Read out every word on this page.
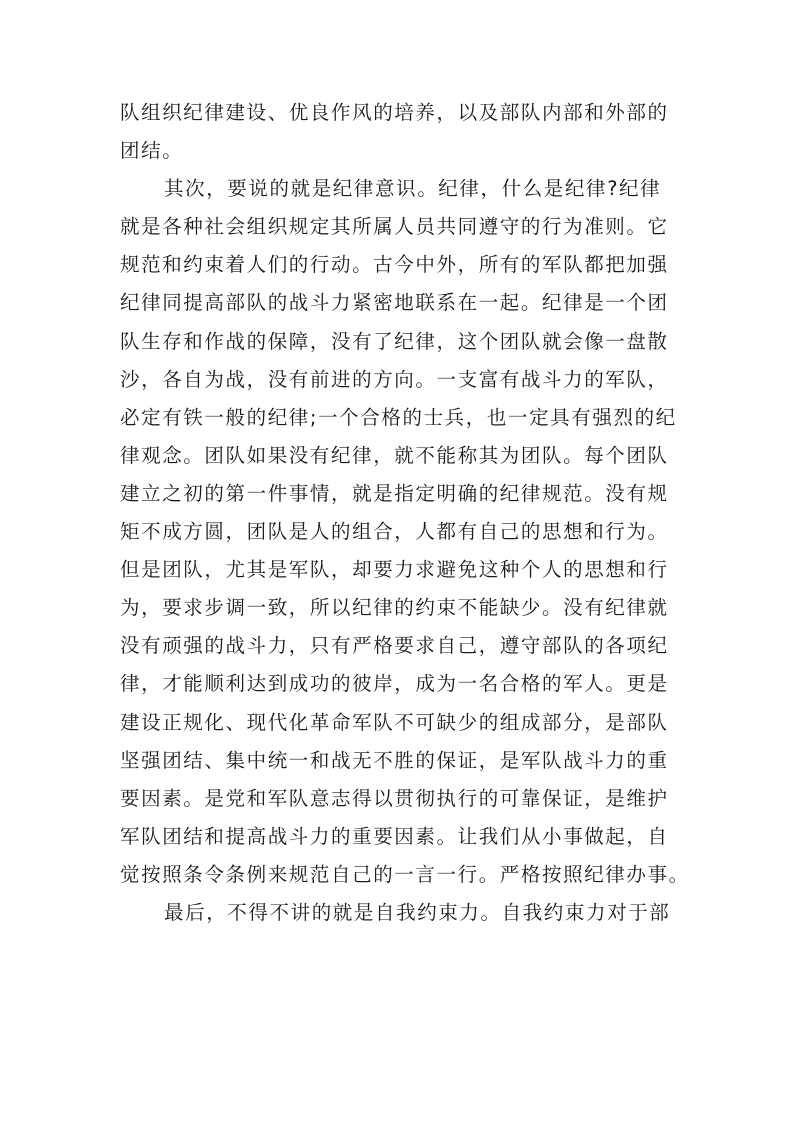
队组织纪律建设、优良作风的培养，以及部队内部和外部的
团结。
其次，要说的就是纪律意识。纪律，什么是纪律?纪律
就是各种社会组织规定其所属人员共同遵守的行为准则。它
规范和约束着人们的行动。古今中外，所有的军队都把加强
纪律同提高部队的战斗力紧密地联系在一起。纪律是一个团
队生存和作战的保障，没有了纪律，这个团队就会像一盘散
沙，各自为战，没有前进的方向。一支富有战斗力的军队，
必定有铁一般的纪律;一个合格的士兵，也一定具有强烈的纪
律观念。团队如果没有纪律，就不能称其为团队。每个团队
建立之初的第一件事情，就是指定明确的纪律规范。没有规
矩不成方圆，团队是人的组合，人都有自己的思想和行为。
但是团队，尤其是军队，却要力求避免这种个人的思想和行
为，要求步调一致，所以纪律的约束不能缺少。没有纪律就
没有顽强的战斗力，只有严格要求自己，遵守部队的各项纪
律，才能顺利达到成功的彼岸，成为一名合格的军人。更是
建设正规化、现代化革命军队不可缺少的组成部分，是部队
坚强团结、集中统一和战无不胜的保证，是军队战斗力的重
要因素。是党和军队意志得以贯彻执行的可靠保证，是维护
军队团结和提高战斗力的重要因素。让我们从小事做起，自
觉按照条令条例来规范自己的一言一行。严格按照纪律办事。
最后，不得不讲的就是自我约束力。自我约束力对于部
